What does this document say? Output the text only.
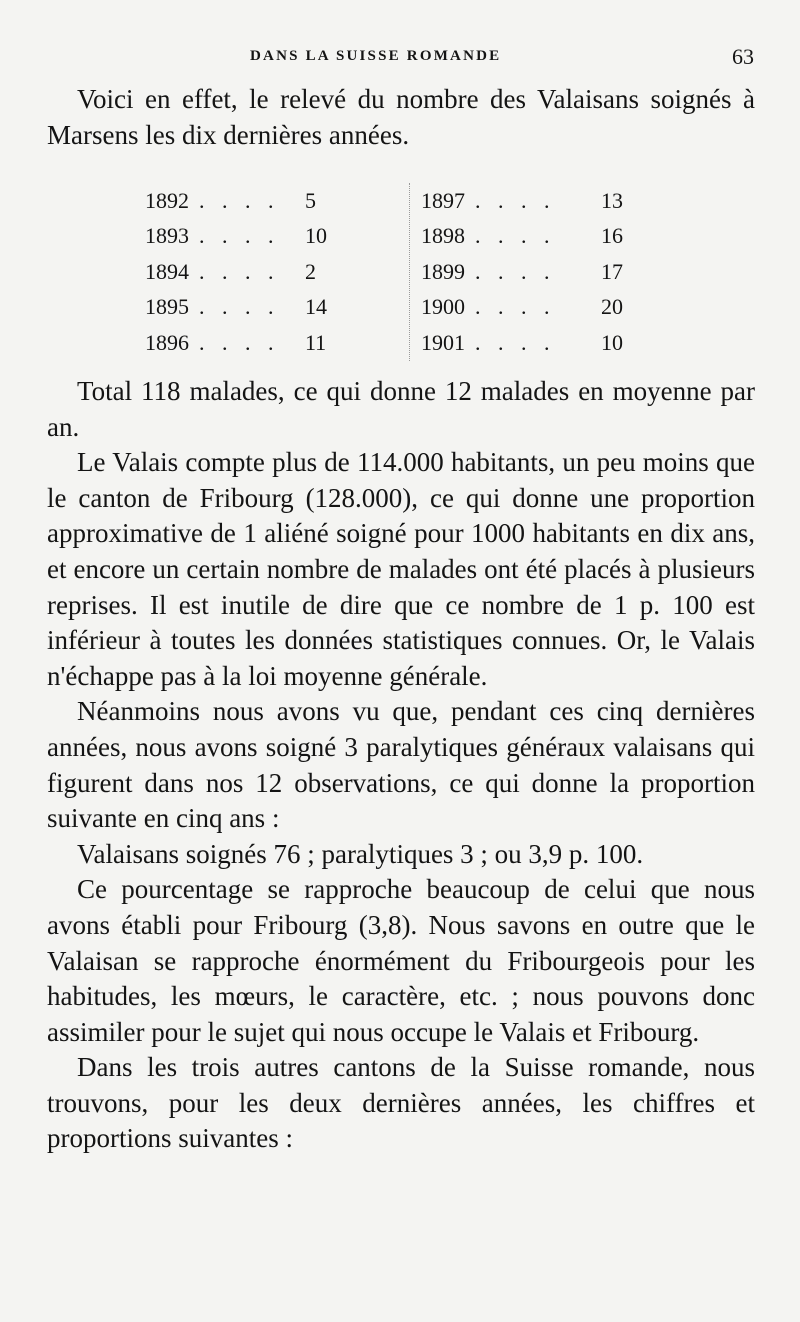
DANS LA SUISSE ROMANDE	63

Voici en effet, le relevé du nombre des Valaisans soignés à Marsens les dix dernières années.

1892 . . . . 5
1893 . . . . 10
1894 . . . . 2
1895 . . . . 14
1896 . . . . 11
1897 . . . . 13
1898 . . . . 16
1899 . . . . 17
1900 . . . . 20
1901 . . . . 10

Total 118 malades, ce qui donne 12 malades en moyenne par an.

Le Valais compte plus de 114.000 habitants, un peu moins que le canton de Fribourg (128.000), ce qui donne une proportion approximative de 1 aliéné soigné pour 1000 habitants en dix ans, et encore un certain nombre de malades ont été placés à plusieurs reprises. Il est inutile de dire que ce nombre de 1 p. 100 est inférieur à toutes les données statistiques connues. Or, le Valais n'échappe pas à la loi moyenne générale.

Néanmoins nous avons vu que, pendant ces cinq dernières années, nous avons soigné 3 paralytiques généraux valaisans qui figurent dans nos 12 observations, ce qui donne la proportion suivante en cinq ans :

Valaisans soignés 76 ; paralytiques 3 ; ou 3,9 p. 100.

Ce pourcentage se rapproche beaucoup de celui que nous avons établi pour Fribourg (3,8). Nous savons en outre que le Valaisan se rapproche énormément du Fribourgeois pour les habitudes, les mœurs, le caractère, etc. ; nous pouvons donc assimiler pour le sujet qui nous occupe le Valais et Fribourg.

Dans les trois autres cantons de la Suisse romande, nous trouvons, pour les deux dernières années, les chiffres et proportions suivantes :
